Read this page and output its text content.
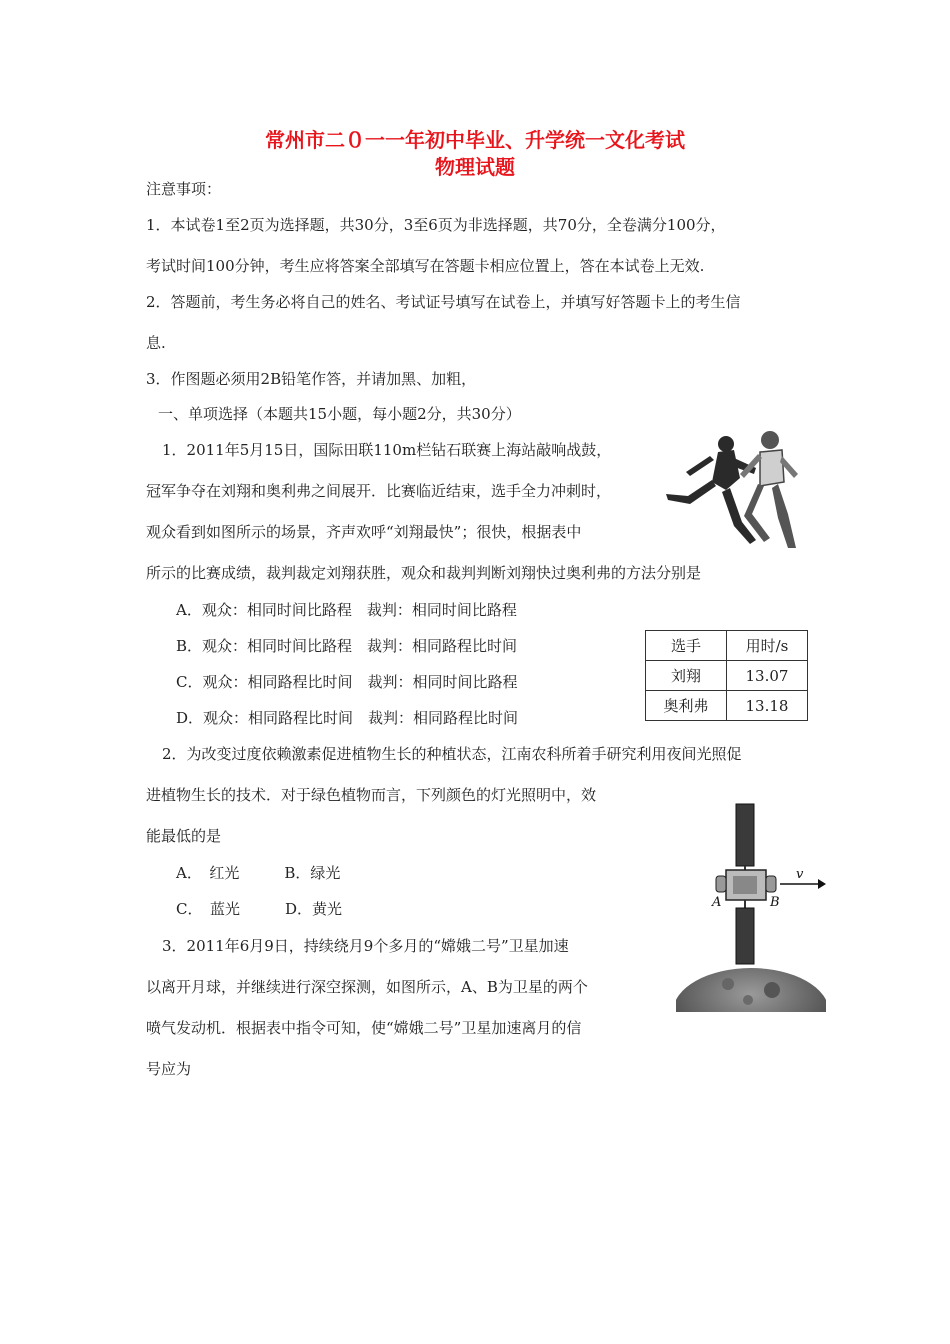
常州市二０一一年初中毕业、升学统一文化考试
物理试题
注意事项：
1．本试卷1至2页为选择题，共30分，3至6页为非选择题，共70分，全卷满分100分，
考试时间100分钟，考生应将答案全部填写在答题卡相应位置上，答在本试卷上无效.
2．答题前，考生务必将自己的姓名、考试证号填写在试卷上，并填写好答题卡上的考生信
息.
3．作图题必须用2B铅笔作答，并请加黑、加粗，
一、单项选择（本题共15小题，每小题2分，共30分）
1．2011年5月15日，国际田联110m栏钻石联赛上海站敲响战鼓，
冠军争夺在刘翔和奥利弗之间展开．比赛临近结束，选手全力冲刺时，
观众看到如图所示的场景，齐声欢呼“刘翔最快”；很快，根据表中
所示的比赛成绩，裁判裁定刘翔获胜，观众和裁判判断刘翔快过奥利弗的方法分别是
A．观众：相同时间比路程　裁判：相同时间比路程
B．观众：相同时间比路程　裁判：相同路程比时间
C．观众：相同路程比时间　裁判：相同时间比路程
D．观众：相同路程比时间　裁判：相同路程比时间
选手	用时/s
刘翔	13.07
奥利弗	13.18
2．为改变过度依赖激素促进植物生长的种植状态，江南农科所着手研究利用夜间光照促
进植物生长的技术．对于绿色植物而言，下列颜色的灯光照明中，效
能最低的是
A．　红光　　　B．绿光
C．　蓝光　　　D．黄光
v
A	B
3．2011年6月9日，持续绕月9个多月的“嫦娥二号”卫星加速
以离开月球，并继续进行深空探测，如图所示，A、B为卫星的两个
喷气发动机．根据表中指令可知，使“嫦娥二号”卫星加速离月的信
号应为
